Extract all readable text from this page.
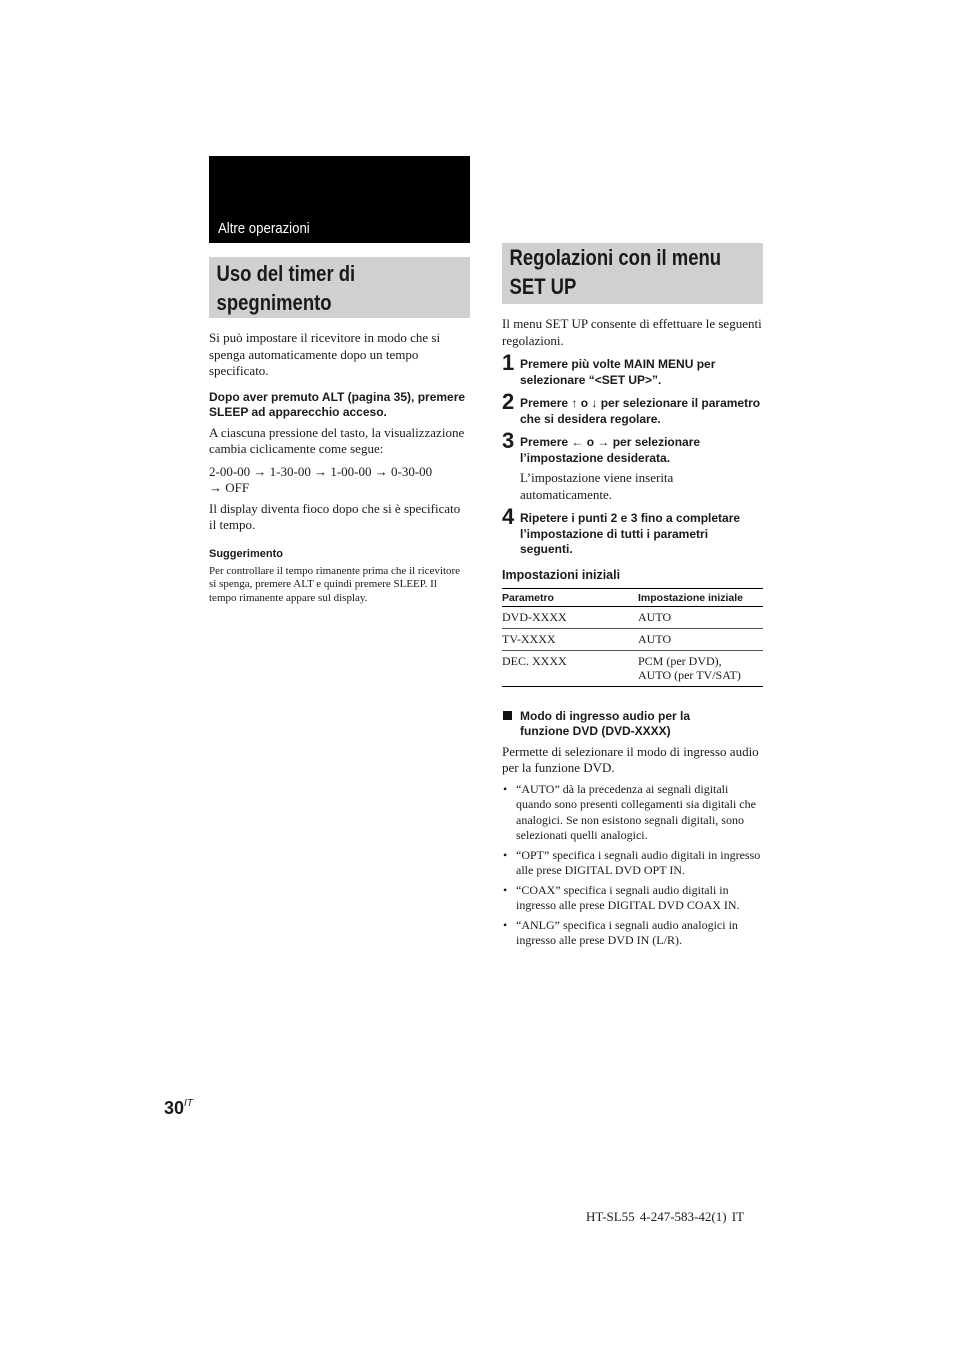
Altre operazioni
Uso del timer di
spegnimento
Regolazioni con il menu
SET UP

Si può impostare il ricevitore in modo che si spenga automaticamente dopo un tempo specificato.

Dopo aver premuto ALT (pagina 35), premere SLEEP ad apparecchio acceso.

A ciascuna pressione del tasto, la visualizzazione cambia ciclicamente come segue:

2-00-00 → 1-30-00 → 1-00-00 → 0-30-00
→ OFF

Il display diventa fioco dopo che si è specificato il tempo.

Suggerimento

Per controllare il tempo rimanente prima che il ricevitore si spenga, premere ALT e quindi premere SLEEP. Il tempo rimanente appare sul display.

Il menu SET UP consente di effettuare le seguenti regolazioni.

1 Premere più volte MAIN MENU per selezionare “<SET UP>”.
2 Premere ↑ o ↓ per selezionare il parametro che si desidera regolare.
3 Premere ← o → per selezionare l’impostazione desiderata.
L’impostazione viene inserita automaticamente.
4 Ripetere i punti 2 e 3 fino a completare l’impostazione di tutti i parametri seguenti.
Impostazioni iniziali
Parametro	Impostazione iniziale
DVD-XXXX	AUTO
TV-XXXX	AUTO
DEC. XXXX	PCM (per DVD),
AUTO (per TV/SAT)
Modo di ingresso audio per la
funzione DVD (DVD-XXXX)

Permette di selezionare il modo di ingresso audio per la funzione DVD.

• “AUTO” dà la precedenza ai segnali digitali quando sono presenti collegamenti sia digitali che analogici. Se non esistono segnali digitali, sono selezionati quelli analogici.
• “OPT” specifica i segnali audio digitali in ingresso alle prese DIGITAL DVD OPT IN.
• “COAX” specifica i segnali audio digitali in ingresso alle prese DIGITAL DVD COAX IN.
• “ANLG” specifica i segnali audio analogici in ingresso alle prese DVD IN (L/R).
$30^{IT}$
HT-SL55 4-247-583-42(1) IT
